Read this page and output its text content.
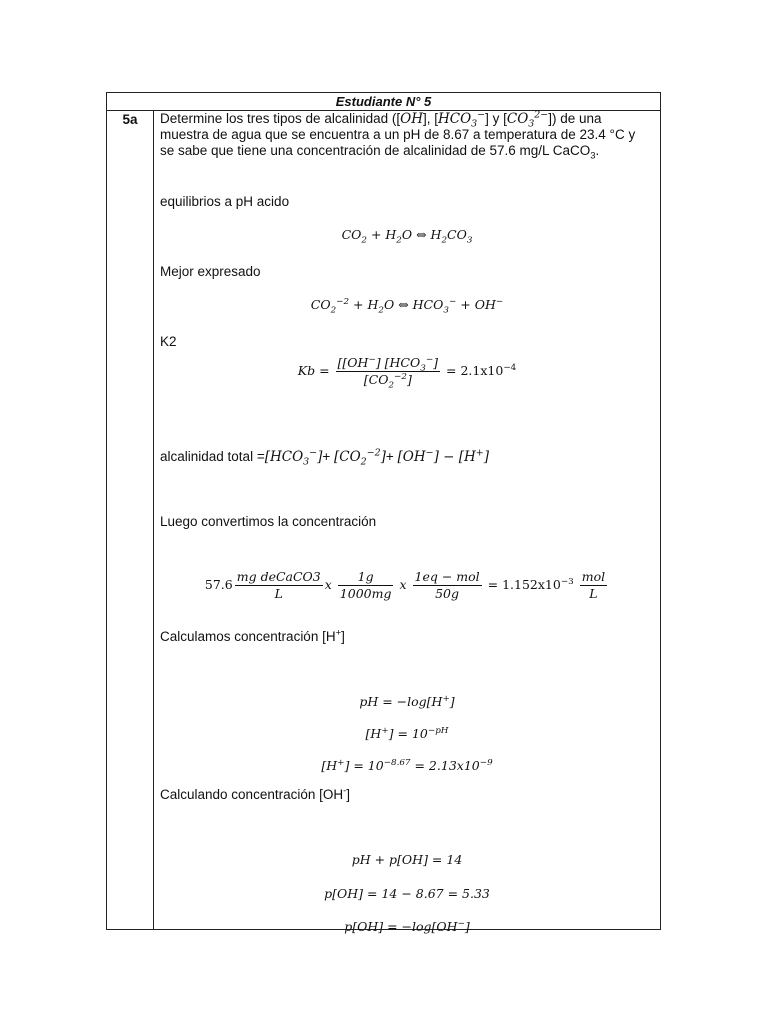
Estudiante N° 5
5a	Determine los tres tipos de alcalinidad ([OH], $[HCO_3^-]$ y $[CO_3^{2-}]$) de una muestra de agua que se encuentra a un pH de 8.67 a temperatura de 23.4 °C y se sabe que tiene una concentración de alcalinidad de 57.6 mg/L CaCO$_3$.
equilibrios a pH acido
$CO_2 + H_2O$ ⇔ $H_2CO_3$
Mejor expresado
$CO_2^{-2} + H_2O$ ⇔ $HCO_3^- + OH^-$
K2
$Kb = \frac{[[OH^-] [HCO_3^-]}{[CO_2^{-2}]} = 2.1x10^{-4}$
alcalinidad total $=[HCO_3^-]+ [CO_2^{-2}]+ [OH^-] - [H^+]$
Luego convertimos la concentración
$57.6 \frac{\text{mg deCaCO3}}{L}$ x $\frac{1g}{1000mg}$ x $\frac{\text{1eq − mol}}{50g} = 1.152x10^{-3} \frac{\text{mol}}{L}$
Calculamos concentración [H+]
pH = −log[H+]
$[H^+] = 10^{-pH}$
$[H^+] = 10^{-8.67} = 2.13x10^{-9}$
Calculando concentración [OH-]
pH + p[OH] = 14
p[OH] = 14 − 8.67 = 5.33
p[OH] = −log[OH−]
